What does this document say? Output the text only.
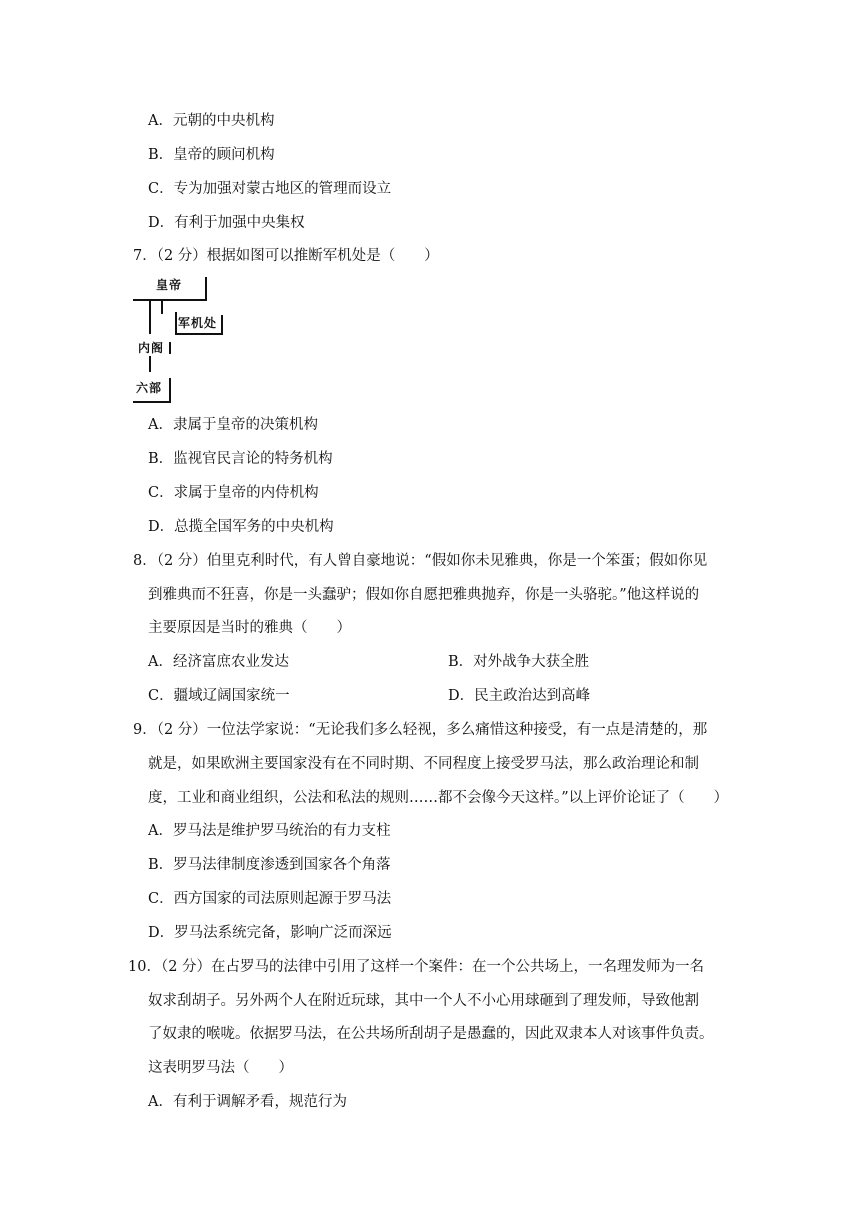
A．元朝的中央机构
B．皇帝的顾问机构
C．专为加强对蒙古地区的管理而设立
D．有利于加强中央集权
7．（2 分）根据如图可以推断军机处是（　　）
皇帝
军机处
内阁
六部
A．隶属于皇帝的决策机构
B．监视官民言论的特务机构
C．求属于皇帝的内侍机构
D．总揽全国军务的中央机构
8．（2 分）伯里克利时代，有人曾自豪地说：“假如你未见雅典，你是一个笨蛋；假如你见
到雅典而不狂喜，你是一头蠢驴；假如你自愿把雅典抛弃，你是一头骆驼。”他这样说的
主要原因是当时的雅典（　　）
A．经济富庶农业发达	B．对外战争大获全胜
C．疆域辽阔国家统一	D．民主政治达到高峰
9．（2 分）一位法学家说：“无论我们多么轻视，多么痛惜这种接受，有一点是清楚的，那
就是，如果欧洲主要国家没有在不同时期、不同程度上接受罗马法，那么政治理论和制
度，工业和商业组织，公法和私法的规则……都不会像今天这样。”以上评价论证了（　　）
A．罗马法是维护罗马统治的有力支柱
B．罗马法律制度渗透到国家各个角落
C．西方国家的司法原则起源于罗马法
D．罗马法系统完备，影响广泛而深远
10．（2 分）在占罗马的法律中引用了这样一个案件：在一个公共场上，一名理发师为一名
奴求刮胡子。另外两个人在附近玩球，其中一个人不小心用球砸到了理发师，导致他割
了奴隶的喉咙。依据罗马法，在公共场所刮胡子是愚蠢的，因此双隶本人对该事件负责。
这表明罗马法（　　）
A．有利于调解矛看，规范行为
